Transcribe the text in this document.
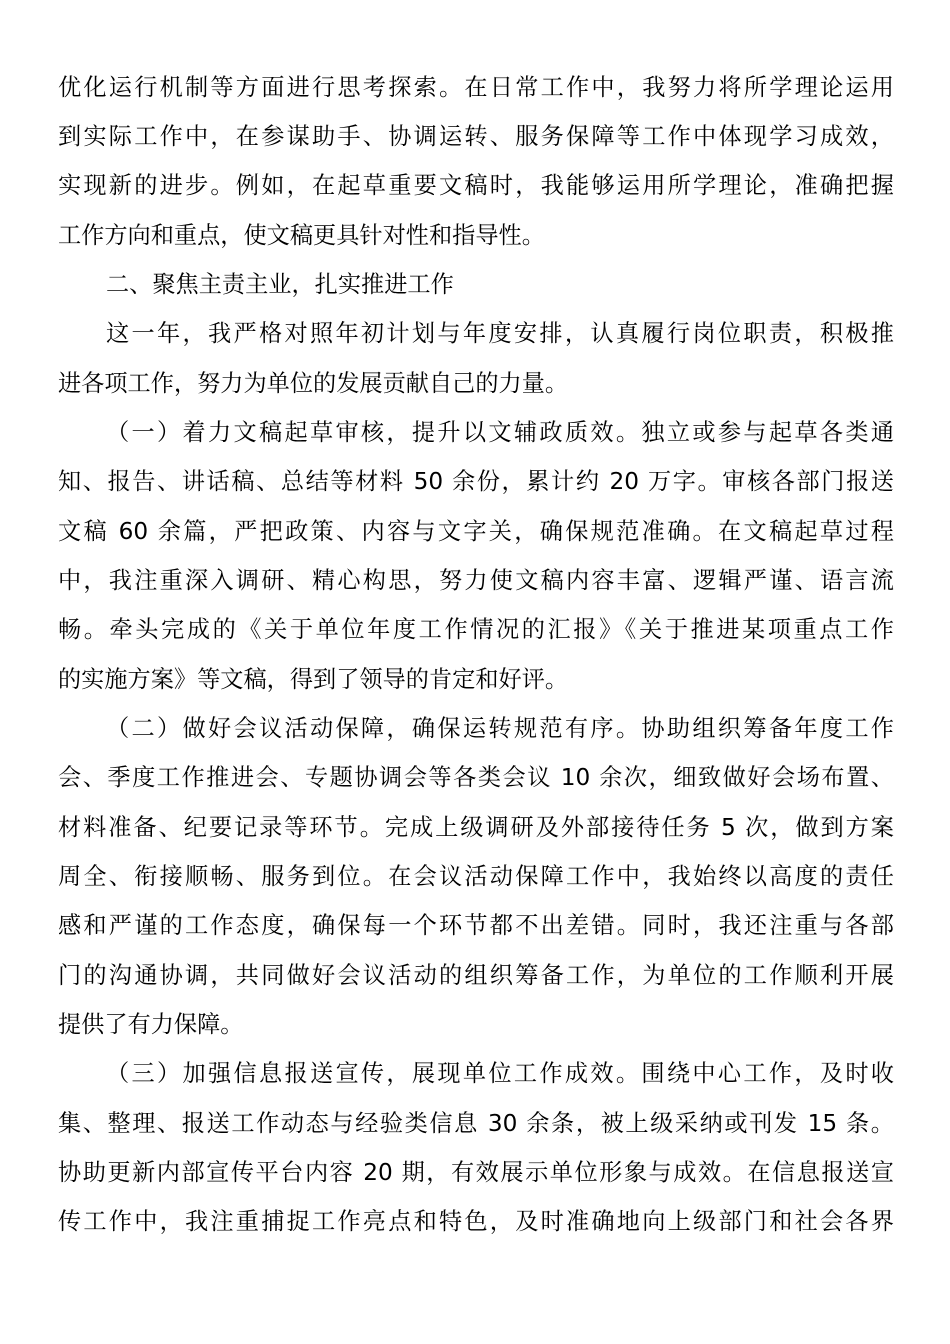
优化运行机制等方面进行思考探索。在日常工作中，我努力将所学理论运用
到实际工作中，在参谋助手、协调运转、服务保障等工作中体现学习成效，
实现新的进步。例如，在起草重要文稿时，我能够运用所学理论，准确把握
工作方向和重点，使文稿更具针对性和指导性。
二、聚焦主责主业，扎实推进工作
这一年，我严格对照年初计划与年度安排，认真履行岗位职责，积极推
进各项工作，努力为单位的发展贡献自己的力量。
（一）着力文稿起草审核，提升以文辅政质效。独立或参与起草各类通
知、报告、讲话稿、总结等材料 50 余份，累计约 20 万字。审核各部门报送
文稿 60 余篇，严把政策、内容与文字关，确保规范准确。在文稿起草过程
中，我注重深入调研、精心构思，努力使文稿内容丰富、逻辑严谨、语言流
畅。牵头完成的《关于单位年度工作情况的汇报》《关于推进某项重点工作
的实施方案》等文稿，得到了领导的肯定和好评。
（二）做好会议活动保障，确保运转规范有序。协助组织筹备年度工作
会、季度工作推进会、专题协调会等各类会议 10 余次，细致做好会场布置、
材料准备、纪要记录等环节。完成上级调研及外部接待任务 5 次，做到方案
周全、衔接顺畅、服务到位。在会议活动保障工作中，我始终以高度的责任
感和严谨的工作态度，确保每一个环节都不出差错。同时，我还注重与各部
门的沟通协调，共同做好会议活动的组织筹备工作，为单位的工作顺利开展
提供了有力保障。
（三）加强信息报送宣传，展现单位工作成效。围绕中心工作，及时收
集、整理、报送工作动态与经验类信息 30 余条，被上级采纳或刊发 15 条。
协助更新内部宣传平台内容 20 期，有效展示单位形象与成效。在信息报送宣
传工作中，我注重捕捉工作亮点和特色，及时准确地向上级部门和社会各界
